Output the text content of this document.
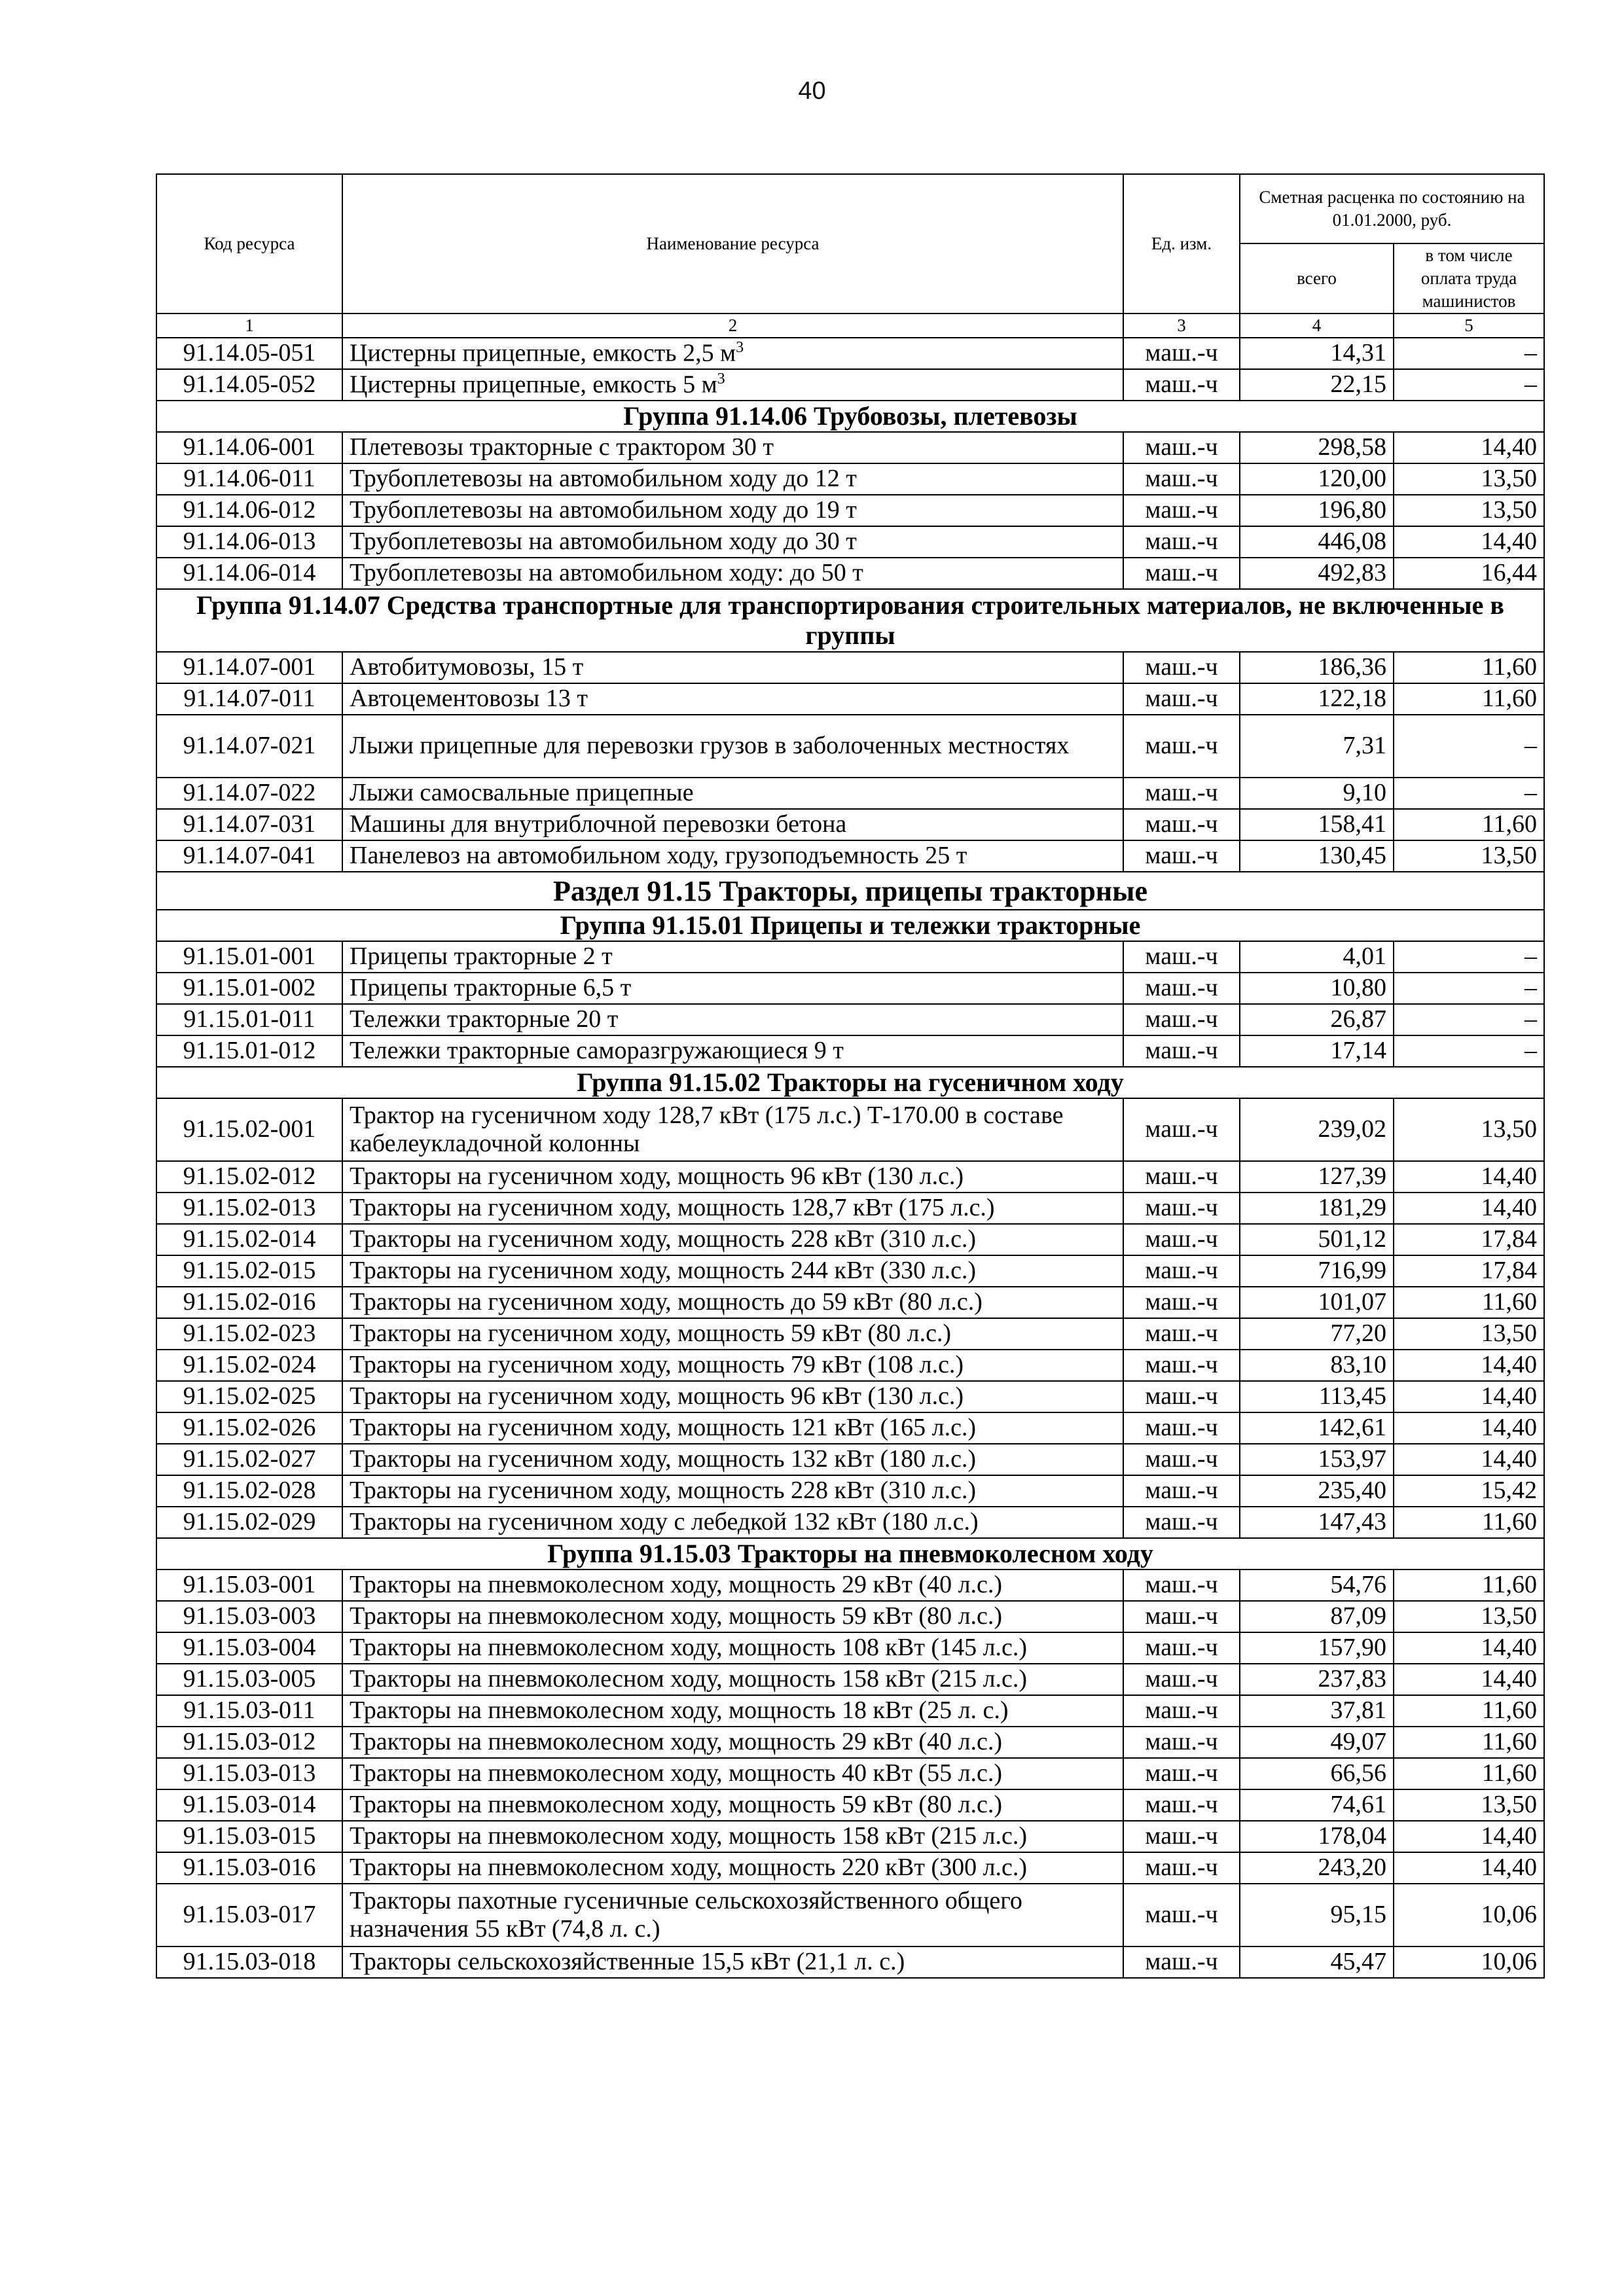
40
Код ресурса	Наименование ресурса	Ед. изм.	Сметная расценка по состоянию на 01.01.2000, руб.	
			всего	в том числе оплата труда машинистов
1	2	3	4	5
91.14.05-051	Цистерны прицепные, емкость 2,5 $м^3$	маш.-ч	14,31	–
91.14.05-052	Цистерны прицепные, емкость 5 $м^3$	маш.-ч	22,15	–
Группа 91.14.06 Трубовозы, плетевозы				
91.14.06-001	Плетевозы тракторные с трактором 30 т	маш.-ч	298,58	14,40
91.14.06-011	Трубоплетевозы на автомобильном ходу до 12 т	маш.-ч	120,00	13,50
91.14.06-012	Трубоплетевозы на автомобильном ходу до 19 т	маш.-ч	196,80	13,50
91.14.06-013	Трубоплетевозы на автомобильном ходу до 30 т	маш.-ч	446,08	14,40
91.14.06-014	Трубоплетевозы на автомобильном ходу: до 50 т	маш.-ч	492,83	16,44
Группа 91.14.07 Средства транспортные для транспортирования строительных материалов, не включенные в группы				
91.14.07-001	Автобитумовозы, 15 т	маш.-ч	186,36	11,60
91.14.07-011	Автоцементовозы 13 т	маш.-ч	122,18	11,60
91.14.07-021	Лыжи прицепные для перевозки грузов в заболоченных местностях	маш.-ч	7,31	–
91.14.07-022	Лыжи самосвальные прицепные	маш.-ч	9,10	–
91.14.07-031	Машины для внутриблочной перевозки бетона	маш.-ч	158,41	11,60
91.14.07-041	Панелевоз на автомобильном ходу, грузоподъемность 25 т	маш.-ч	130,45	13,50
Раздел 91.15 Тракторы, прицепы тракторные				
Группа 91.15.01 Прицепы и тележки тракторные				
91.15.01-001	Прицепы тракторные 2 т	маш.-ч	4,01	–
91.15.01-002	Прицепы тракторные 6,5 т	маш.-ч	10,80	–
91.15.01-011	Тележки тракторные 20 т	маш.-ч	26,87	–
91.15.01-012	Тележки тракторные саморазгружающиеся 9 т	маш.-ч	17,14	–
Группа 91.15.02 Тракторы на гусеничном ходу				
91.15.02-001	Трактор на гусеничном ходу 128,7 кВт (175 л.с.) Т-170.00 в составе кабелеукладочной колонны	маш.-ч	239,02	13,50
91.15.02-012	Тракторы на гусеничном ходу, мощность 96 кВт (130 л.с.)	маш.-ч	127,39	14,40
91.15.02-013	Тракторы на гусеничном ходу, мощность 128,7 кВт (175 л.с.)	маш.-ч	181,29	14,40
91.15.02-014	Тракторы на гусеничном ходу, мощность 228 кВт (310 л.с.)	маш.-ч	501,12	17,84
91.15.02-015	Тракторы на гусеничном ходу, мощность 244 кВт (330 л.с.)	маш.-ч	716,99	17,84
91.15.02-016	Тракторы на гусеничном ходу, мощность до 59 кВт (80 л.с.)	маш.-ч	101,07	11,60
91.15.02-023	Тракторы на гусеничном ходу, мощность 59 кВт (80 л.с.)	маш.-ч	77,20	13,50
91.15.02-024	Тракторы на гусеничном ходу, мощность 79 кВт (108 л.с.)	маш.-ч	83,10	14,40
91.15.02-025	Тракторы на гусеничном ходу, мощность 96 кВт (130 л.с.)	маш.-ч	113,45	14,40
91.15.02-026	Тракторы на гусеничном ходу, мощность 121 кВт (165 л.с.)	маш.-ч	142,61	14,40
91.15.02-027	Тракторы на гусеничном ходу, мощность 132 кВт (180 л.с.)	маш.-ч	153,97	14,40
91.15.02-028	Тракторы на гусеничном ходу, мощность 228 кВт (310 л.с.)	маш.-ч	235,40	15,42
91.15.02-029	Тракторы на гусеничном ходу с лебедкой 132 кВт (180 л.с.)	маш.-ч	147,43	11,60
Группа 91.15.03 Тракторы на пневмоколесном ходу				
91.15.03-001	Тракторы на пневмоколесном ходу, мощность 29 кВт (40 л.с.)	маш.-ч	54,76	11,60
91.15.03-003	Тракторы на пневмоколесном ходу, мощность 59 кВт (80 л.с.)	маш.-ч	87,09	13,50
91.15.03-004	Тракторы на пневмоколесном ходу, мощность 108 кВт (145 л.с.)	маш.-ч	157,90	14,40
91.15.03-005	Тракторы на пневмоколесном ходу, мощность 158 кВт (215 л.с.)	маш.-ч	237,83	14,40
91.15.03-011	Тракторы на пневмоколесном ходу, мощность 18 кВт (25 л. с.)	маш.-ч	37,81	11,60
91.15.03-012	Тракторы на пневмоколесном ходу, мощность 29 кВт (40 л.с.)	маш.-ч	49,07	11,60
91.15.03-013	Тракторы на пневмоколесном ходу, мощность 40 кВт (55 л.с.)	маш.-ч	66,56	11,60
91.15.03-014	Тракторы на пневмоколесном ходу, мощность 59 кВт (80 л.с.)	маш.-ч	74,61	13,50
91.15.03-015	Тракторы на пневмоколесном ходу, мощность 158 кВт (215 л.с.)	маш.-ч	178,04	14,40
91.15.03-016	Тракторы на пневмоколесном ходу, мощность 220 кВт (300 л.с.)	маш.-ч	243,20	14,40
91.15.03-017	Тракторы пахотные гусеничные сельскохозяйственного общего назначения 55 кВт (74,8 л. с.)	маш.-ч	95,15	10,06
91.15.03-018	Тракторы сельскохозяйственные 15,5 кВт (21,1 л. с.)	маш.-ч	45,47	10,06
